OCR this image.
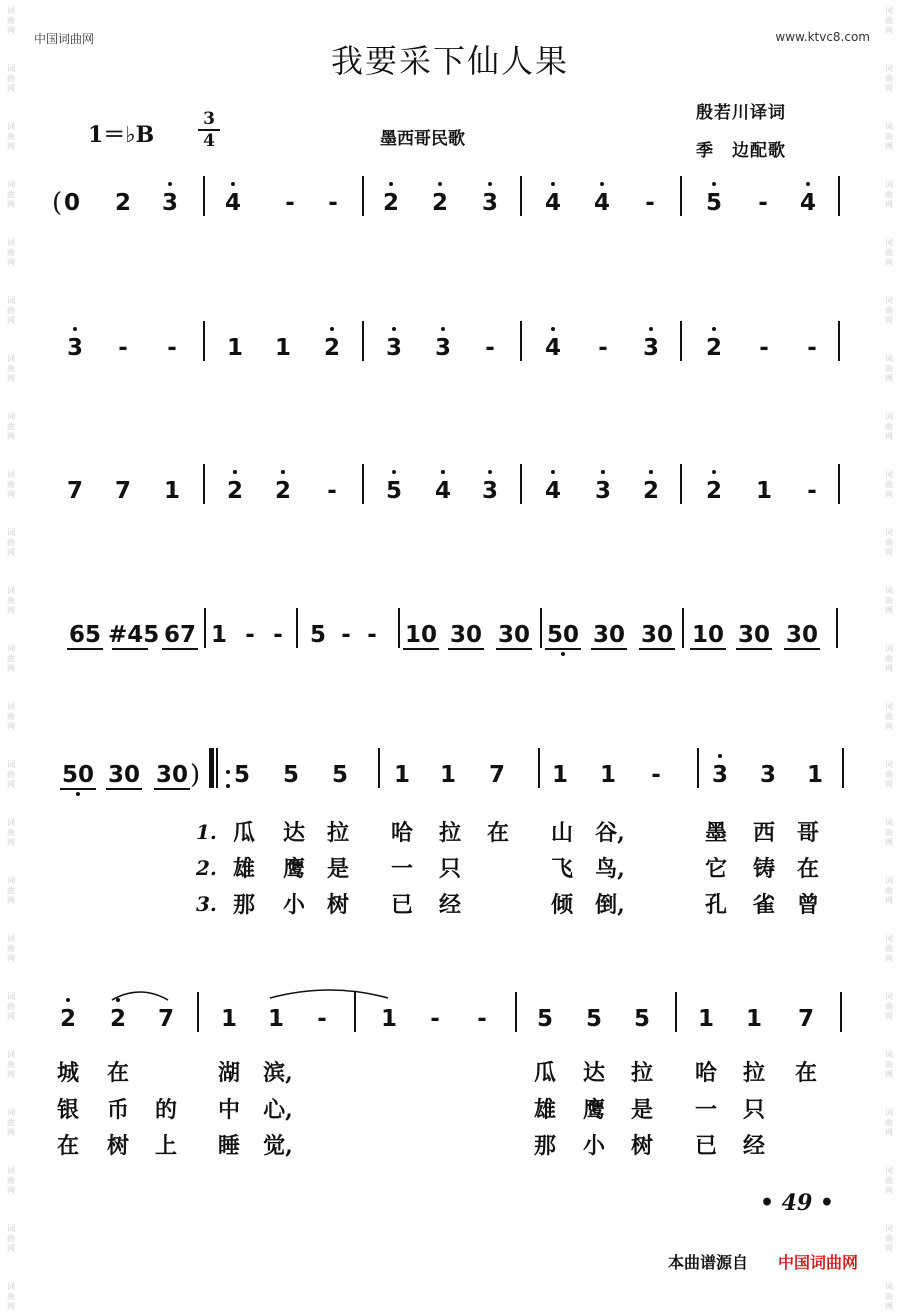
词
曲
网
词
曲
网
词
曲
网
词
曲
网
词
曲
网
词
曲
网
词
曲
网
词
曲
网
词
曲
网
词
曲
网
词
曲
网
词
曲
网
词
曲
网
词
曲
网
词
曲
网
词
曲
网
词
曲
网
词
曲
网
词
曲
网
词
曲
网
词
曲
网
词
曲
网
词
曲
网
词
曲
网
词
曲
网
词
曲
网
词
曲
网
词
曲
网
词
曲
网
词
曲
网
词
曲
网
词
曲
网
词
曲
网
词
曲
网
词
曲
网
词
曲
网
词
曲
网
词
曲
网
词
曲
网
词
曲
网
词
曲
网
词
曲
网
词
曲
网
词
曲
网
词
曲
网
词
曲
网
中国词曲网	www.ktvc8.com
我要采下仙人果
1＝♭B
3
4	墨西哥民歌
殷若川译词
季　边配歌
0	2	3	4	- -	2	2	3	4	4	-	5	-	4
3	- -	1	1	2	3	3	-	4	-	3	2	- -
7	7	1	2	2	-	5	4	3	4	3	2	2	1	-
65 #45 67 1 - -	5 - - 10 30 30 50 30 30 10 30 30
50 30 30	5	5	5	1	1	7	1	1	-	3	3	1
2	2	7	1	1	-	1	- -	5	5	5	1	1	7
(
)
1. 瓜	达 拉	哈	拉	在	山	谷,	墨	西 哥
2. 雄	鹰 是	一	只	飞	鸟,	它	铸 在
3. 那	小 树	已	经	倾	倒,	孔	雀 曾
城	在	湖	滨,	瓜	达	拉	哈	拉	在
银	币	的	中	心,	雄	鹰	是	一	只
在	树	上	睡	觉,	那	小	树	已	经
• 49 •
本曲谱源自 中国词曲网
